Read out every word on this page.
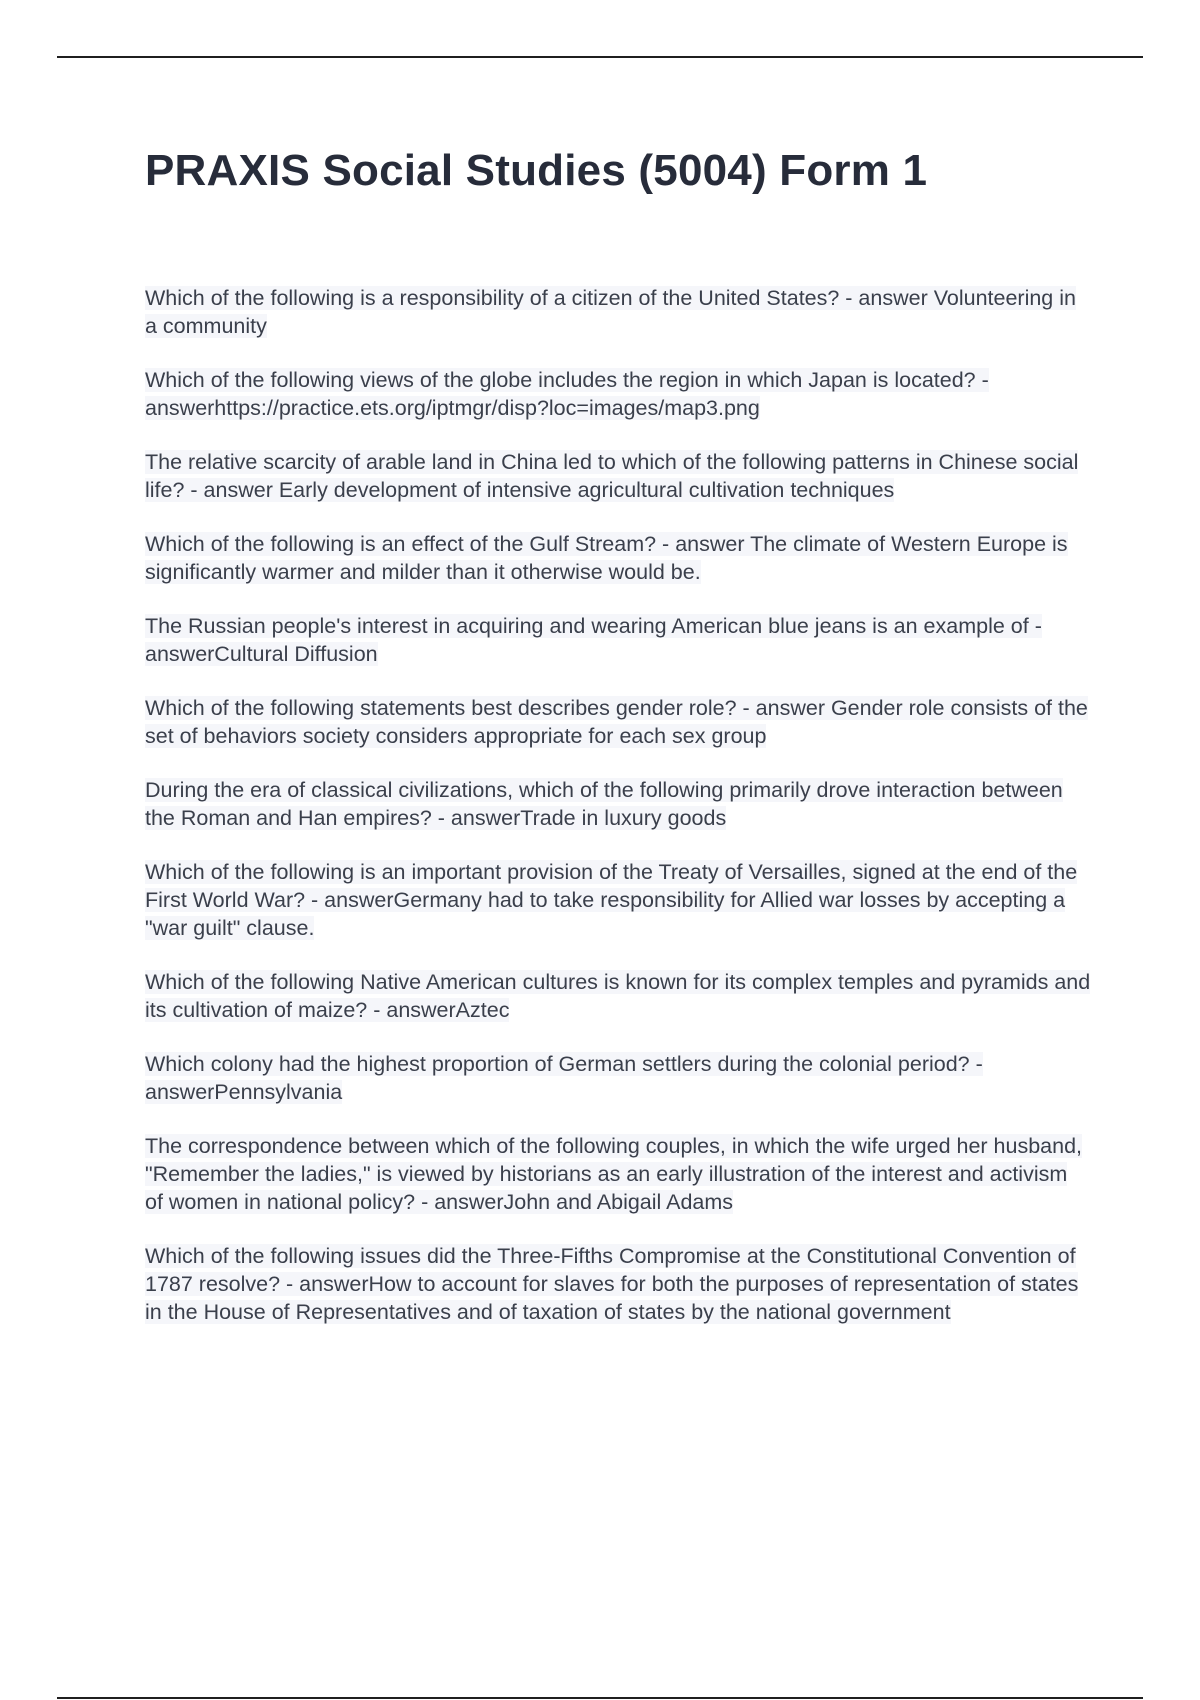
PRAXIS Social Studies (5004) Form 1
Which of the following is a responsibility of a citizen of the United States? - answer Volunteering in a community
Which of the following views of the globe includes the region in which Japan is located? - answerhttps://practice.ets.org/iptmgr/disp?loc=images/map3.png
The relative scarcity of arable land in China led to which of the following patterns in Chinese social life? - answer Early development of intensive agricultural cultivation techniques
Which of the following is an effect of the Gulf Stream? - answer The climate of Western Europe is significantly warmer and milder than it otherwise would be.
The Russian people's interest in acquiring and wearing American blue jeans is an example of - answerCultural Diffusion
Which of the following statements best describes gender role? - answer Gender role consists of the set of behaviors society considers appropriate for each sex group
During the era of classical civilizations, which of the following primarily drove interaction between the Roman and Han empires? - answerTrade in luxury goods
Which of the following is an important provision of the Treaty of Versailles, signed at the end of the First World War? - answerGermany had to take responsibility for Allied war losses by accepting a "war guilt" clause.
Which of the following Native American cultures is known for its complex temples and pyramids and its cultivation of maize? - answerAztec
Which colony had the highest proportion of German settlers during the colonial period? - answerPennsylvania
The correspondence between which of the following couples, in which the wife urged her husband, "Remember the ladies," is viewed by historians as an early illustration of the interest and activism of women in national policy? - answerJohn and Abigail Adams
Which of the following issues did the Three-Fifths Compromise at the Constitutional Convention of 1787 resolve? - answerHow to account for slaves for both the purposes of representation of states in the House of Representatives and of taxation of states by the national government
